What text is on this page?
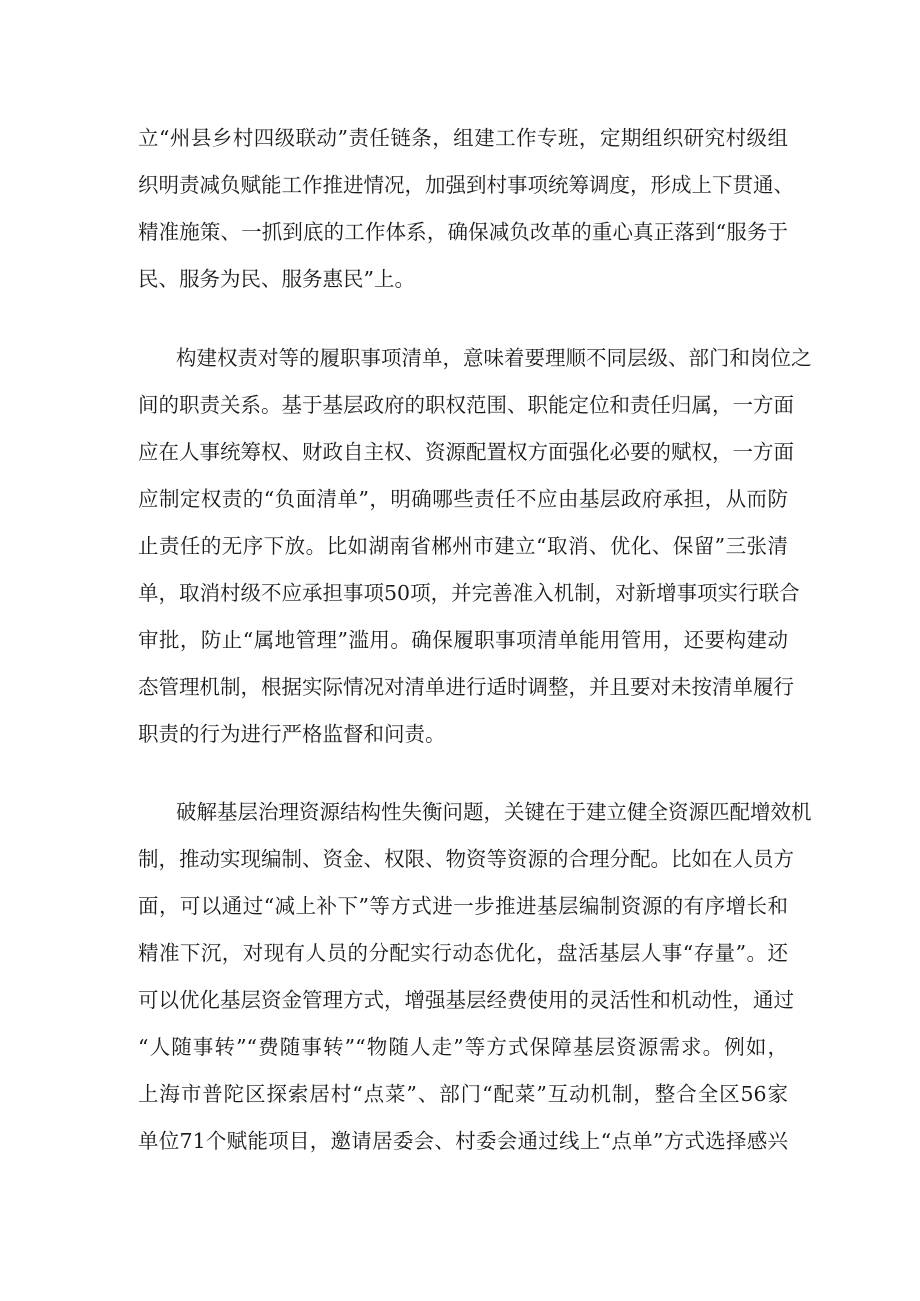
立“州县乡村四级联动”责任链条，组建工作专班，定期组织研究村级组
织明责减负赋能工作推进情况，加强到村事项统筹调度，形成上下贯通、
精准施策、一抓到底的工作体系，确保减负改革的重心真正落到“服务于
民、服务为民、服务惠民”上。
构建权责对等的履职事项清单，意味着要理顺不同层级、部门和岗位之
间的职责关系。基于基层政府的职权范围、职能定位和责任归属，一方面
应在人事统筹权、财政自主权、资源配置权方面强化必要的赋权，一方面
应制定权责的“负面清单”，明确哪些责任不应由基层政府承担，从而防
止责任的无序下放。比如湖南省郴州市建立“取消、优化、保留”三张清
单，取消村级不应承担事项50项，并完善准入机制，对新增事项实行联合
审批，防止“属地管理”滥用。确保履职事项清单能用管用，还要构建动
态管理机制，根据实际情况对清单进行适时调整，并且要对未按清单履行
职责的行为进行严格监督和问责。
破解基层治理资源结构性失衡问题，关键在于建立健全资源匹配增效机
制，推动实现编制、资金、权限、物资等资源的合理分配。比如在人员方
面，可以通过“减上补下”等方式进一步推进基层编制资源的有序增长和
精准下沉，对现有人员的分配实行动态优化，盘活基层人事“存量”。还
可以优化基层资金管理方式，增强基层经费使用的灵活性和机动性，通过
“人随事转”“费随事转”“物随人走”等方式保障基层资源需求。例如，
上海市普陀区探索居村“点菜”、部门“配菜”互动机制，整合全区56家
单位71个赋能项目，邀请居委会、村委会通过线上“点单”方式选择感兴
